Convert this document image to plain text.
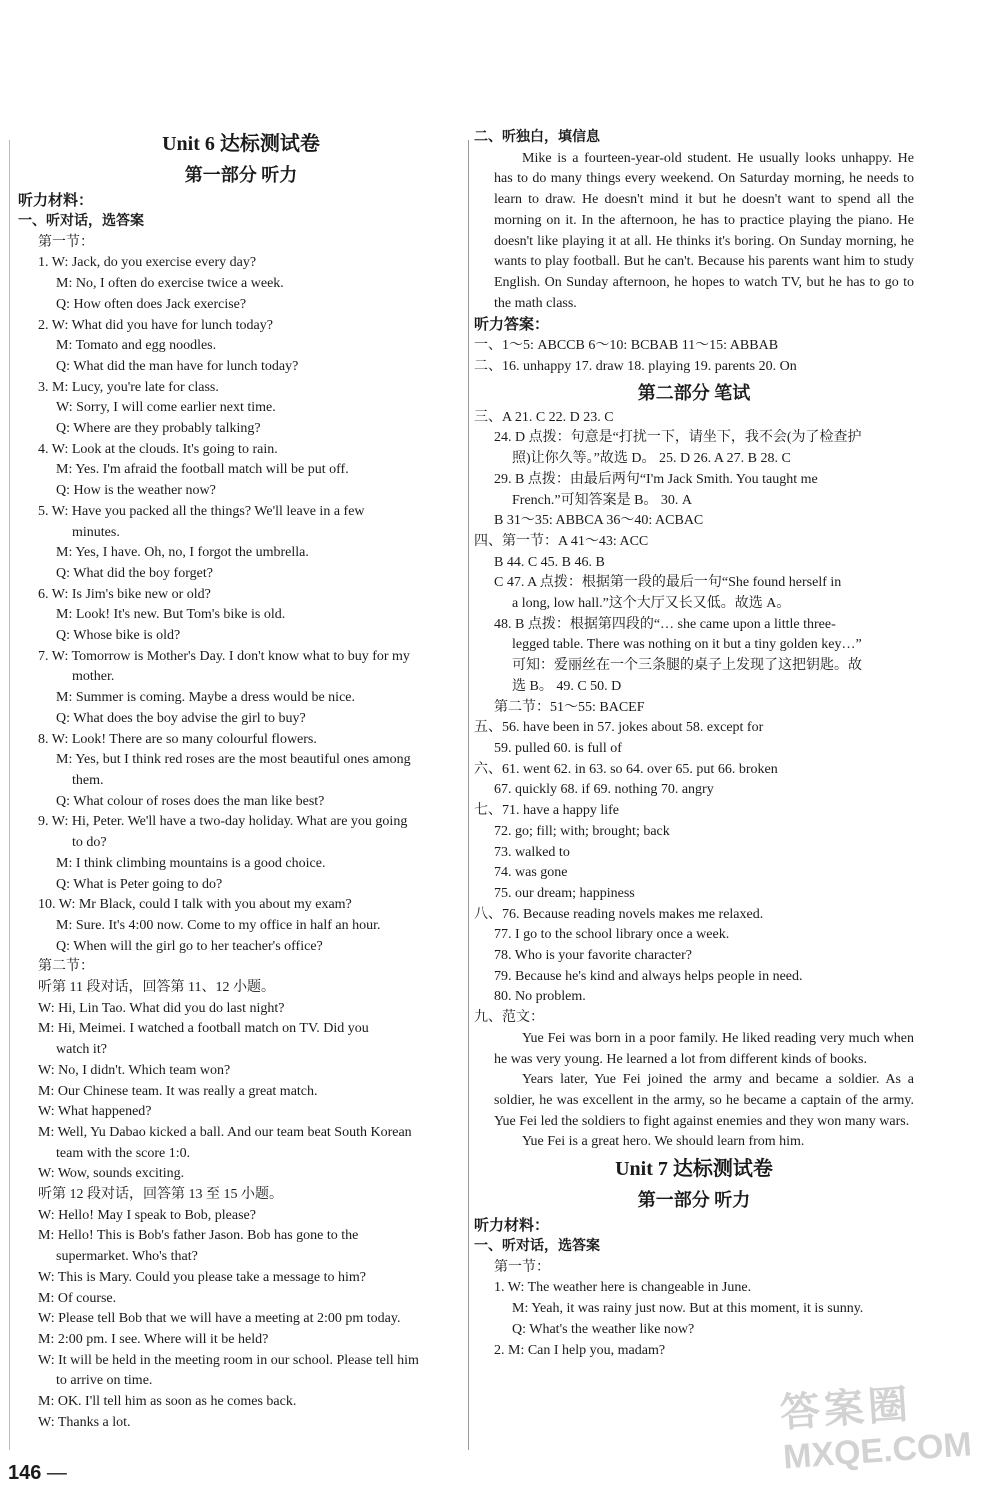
Unit 6 达标测试卷
第一部分 听力
听力材料：
一、听对话，选答案
第一节：
1. W: Jack, do you exercise every day?
M: No, I often do exercise twice a week.
Q: How often does Jack exercise?
2. W: What did you have for lunch today?
M: Tomato and egg noodles.
Q: What did the man have for lunch today?
3. M: Lucy, you're late for class.
W: Sorry, I will come earlier next time.
Q: Where are they probably talking?
4. W: Look at the clouds. It's going to rain.
M: Yes. I'm afraid the football match will be put off.
Q: How is the weather now?
5. W: Have you packed all the things? We'll leave in a few
minutes.
M: Yes, I have. Oh, no, I forgot the umbrella.
Q: What did the boy forget?
6. W: Is Jim's bike new or old?
M: Look! It's new. But Tom's bike is old.
Q: Whose bike is old?
7. W: Tomorrow is Mother's Day. I don't know what to buy for my
mother.
M: Summer is coming. Maybe a dress would be nice.
Q: What does the boy advise the girl to buy?
8. W: Look! There are so many colourful flowers.
M: Yes, but I think red roses are the most beautiful ones among
them.
Q: What colour of roses does the man like best?
9. W: Hi, Peter. We'll have a two-day holiday. What are you going
to do?
M: I think climbing mountains is a good choice.
Q: What is Peter going to do?
10. W: Mr Black, could I talk with you about my exam?
M: Sure. It's 4:00 now. Come to my office in half an hour.
Q: When will the girl go to her teacher's office?
第二节：
听第 11 段对话，回答第 11、12 小题。
W: Hi, Lin Tao. What did you do last night?
M: Hi, Meimei. I watched a football match on TV. Did you
watch it?
W: No, I didn't. Which team won?
M: Our Chinese team. It was really a great match.
W: What happened?
M: Well, Yu Dabao kicked a ball. And our team beat South Korean
team with the score 1:0.
W: Wow, sounds exciting.
听第 12 段对话，回答第 13 至 15 小题。
W: Hello! May I speak to Bob, please?
M: Hello! This is Bob's father Jason. Bob has gone to the
supermarket. Who's that?
W: This is Mary. Could you please take a message to him?
M: Of course.
W: Please tell Bob that we will have a meeting at 2:00 pm today.
M: 2:00 pm. I see. Where will it be held?
W: It will be held in the meeting room in our school. Please tell him
to arrive on time.
M: OK. I'll tell him as soon as he comes back.
W: Thanks a lot.
二、听独白，填信息
Mike is a fourteen-year-old student. He usually looks unhappy. He has to do many things every weekend. On Saturday morning, he needs to learn to draw. He doesn't mind it but he doesn't want to spend all the morning on it. In the afternoon, he has to practice playing the piano. He doesn't like playing it at all. He thinks it's boring. On Sunday morning, he wants to play football. But he can't. Because his parents want him to study English. On Sunday afternoon, he hopes to watch TV, but he has to go to the math class.
听力答案：
一、1～5: ABCCB 6～10: BCBAB 11～15: ABBAB
二、16. unhappy 17. draw 18. playing 19. parents 20. On
第二部分 笔试
三、A 21. C 22. D 23. C
24. D 点拨：句意是“打扰一下，请坐下，我不会(为了检查护
照)让你久等。”故选 D。 25. D 26. A 27. B 28. C
29. B 点拨：由最后两句“I'm Jack Smith. You taught me
French.”可知答案是 B。 30. A
B 31～35: ABBCA 36～40: ACBAC
四、第一节：A 41～43: ACC
B 44. C 45. B 46. B
C 47. A 点拨：根据第一段的最后一句“She found herself in
a long, low hall.”这个大厅又长又低。故选 A。
48. B 点拨：根据第四段的“… she came upon a little three-
legged table. There was nothing on it but a tiny golden key…”
可知：爱丽丝在一个三条腿的桌子上发现了这把钥匙。故
选 B。 49. C 50. D
第二节：51～55: BACEF
五、56. have been in 57. jokes about 58. except for
59. pulled 60. is full of
六、61. went 62. in 63. so 64. over 65. put 66. broken
67. quickly 68. if 69. nothing 70. angry
七、71. have a happy life
72. go; fill; with; brought; back
73. walked to
74. was gone
75. our dream; happiness
八、76. Because reading novels makes me relaxed.
77. I go to the school library once a week.
78. Who is your favorite character?
79. Because he's kind and always helps people in need.
80. No problem.
九、范文：
Yue Fei was born in a poor family. He liked reading very much when he was very young. He learned a lot from different kinds of books.
Years later, Yue Fei joined the army and became a soldier. As a soldier, he was excellent in the army, so he became a captain of the army. Yue Fei led the soldiers to fight against enemies and they won many wars.
Yue Fei is a great hero. We should learn from him.
Unit 7 达标测试卷
第一部分 听力
听力材料：
一、听对话，选答案
第一节：
1. W: The weather here is changeable in June.
M: Yeah, it was rainy just now. But at this moment, it is sunny.
Q: What's the weather like now?
2. M: Can I help you, madam?
146 —
答案圈
MXQE.COM
